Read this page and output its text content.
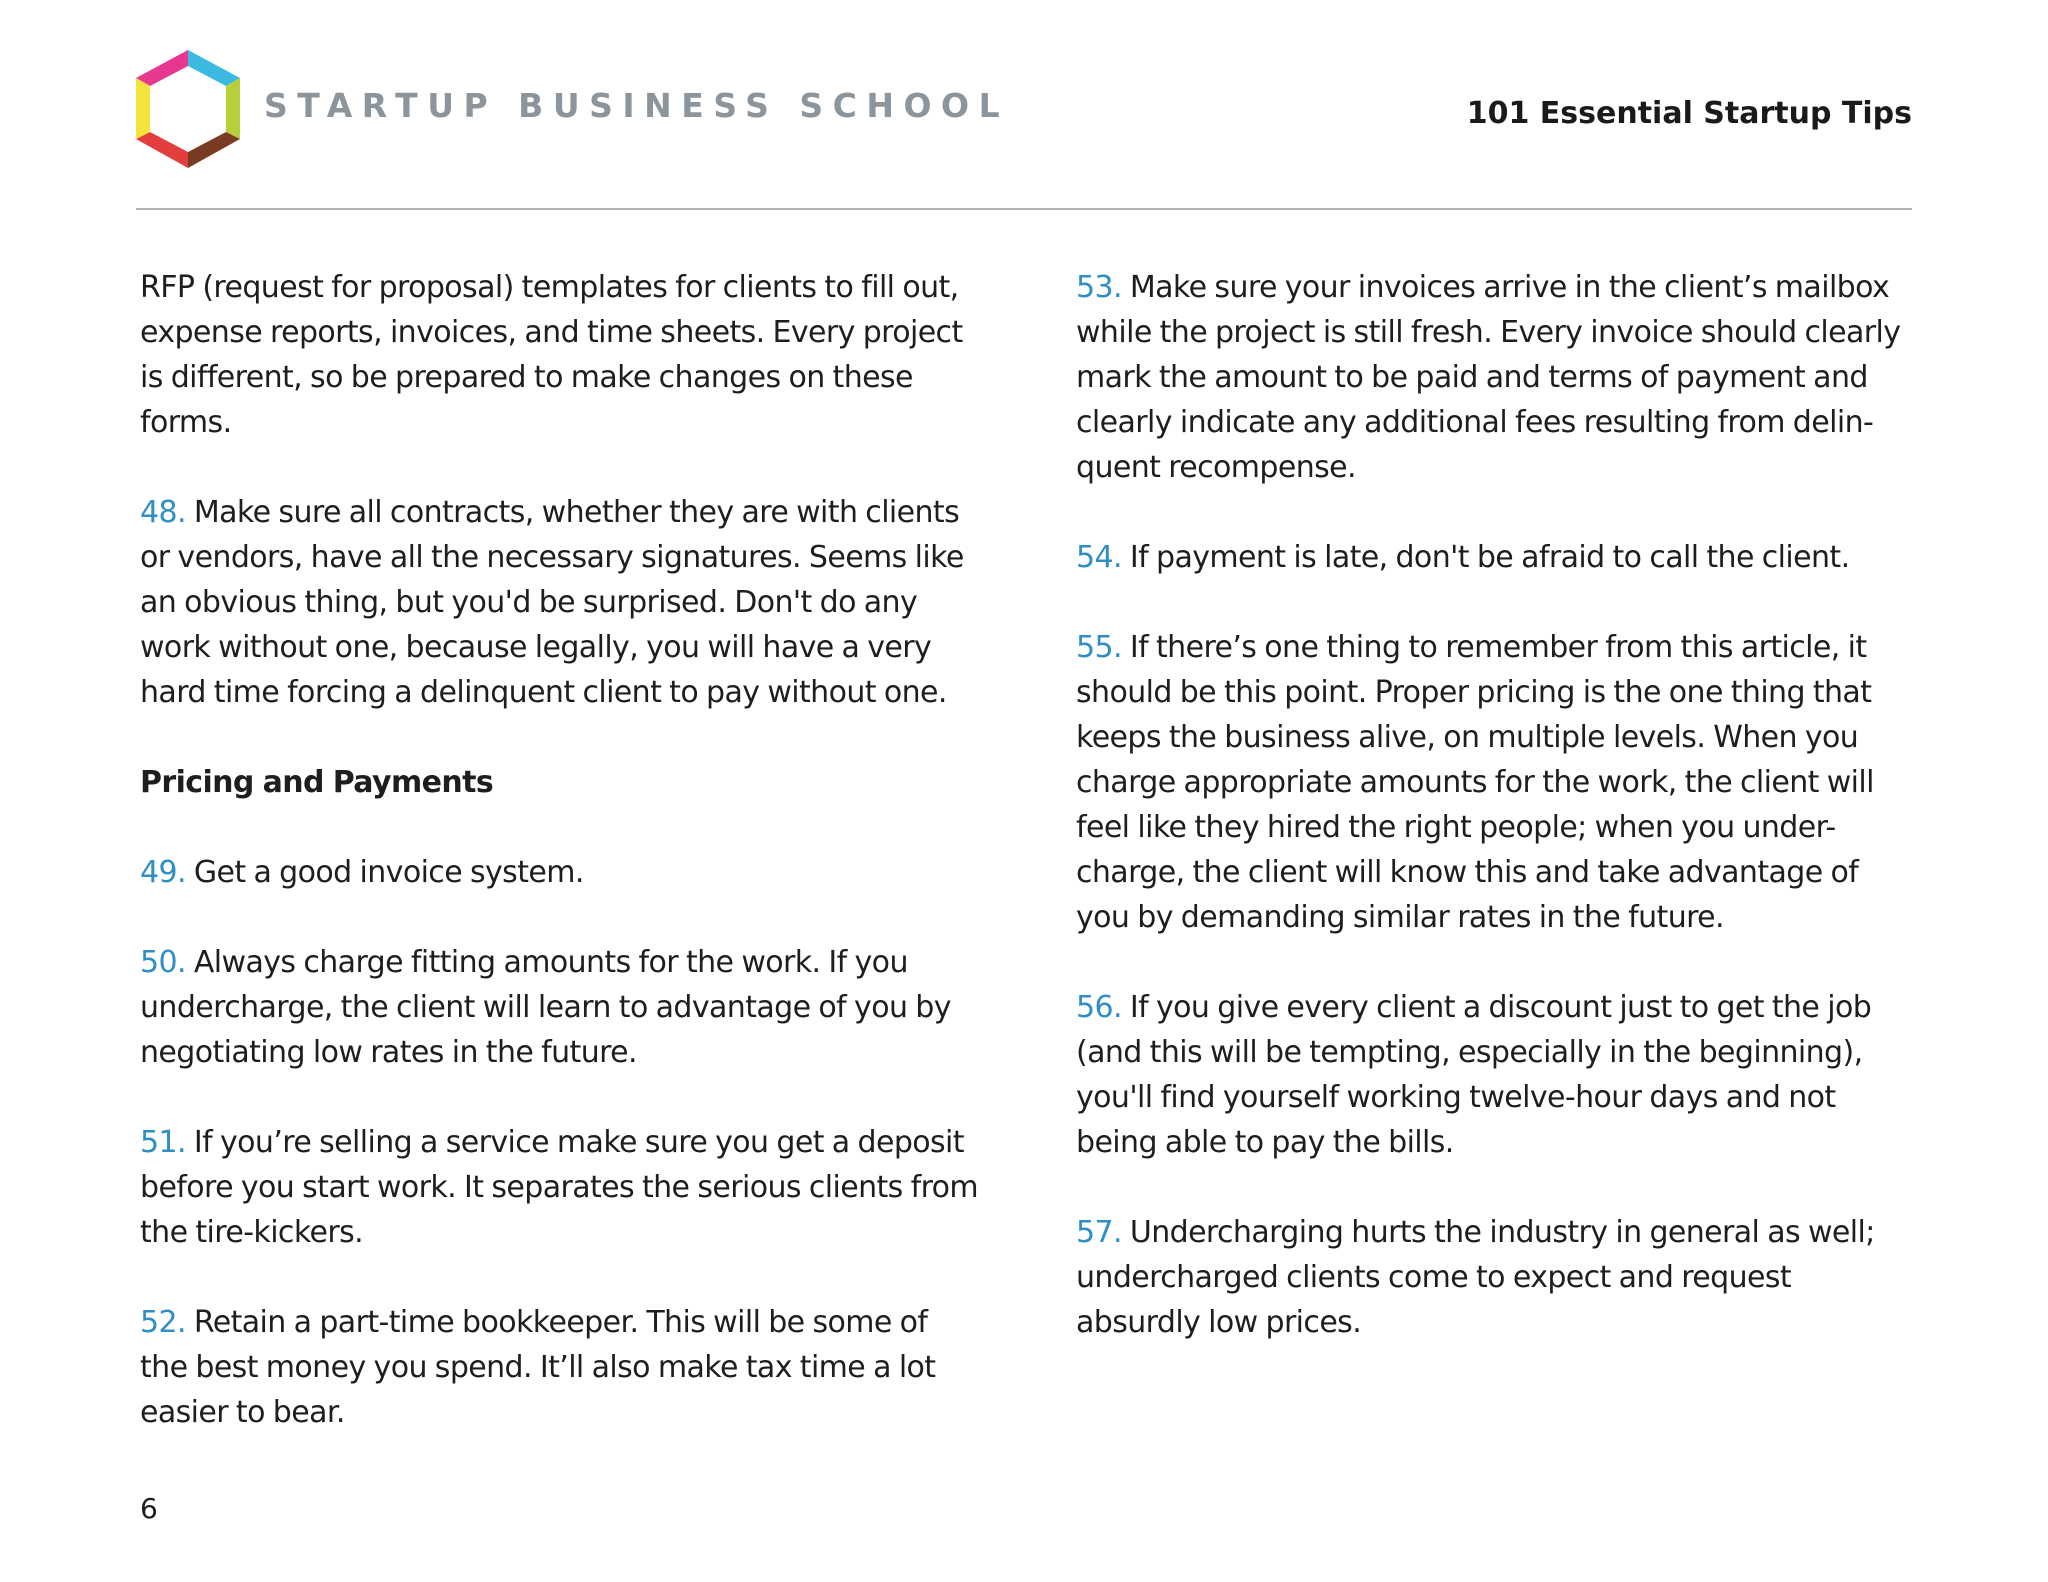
STARTUP BUSINESS SCHOOL	101 Essential Startup Tips

RFP (request for proposal) templates for clients to fill out, expense reports, invoices, and time sheets. Every project is different, so be prepared to make changes on these forms.

48. Make sure all contracts, whether they are with clients or vendors, have all the necessary signatures. Seems like an obvious thing, but you'd be surprised. Don't do any work without one, because legally, you will have a very hard time forcing a delinquent client to pay without one.

Pricing and Payments

49. Get a good invoice system.

50. Always charge fitting amounts for the work. If you undercharge, the client will learn to advantage of you by negotiating low rates in the future.

51. If you’re selling a service make sure you get a deposit before you start work. It separates the serious clients from the tire-kickers.

52. Retain a part-time bookkeeper. This will be some of the best money you spend. It’ll also make tax time a lot easier to bear.

53. Make sure your invoices arrive in the client’s mailbox while the project is still fresh. Every invoice should clearly mark the amount to be paid and terms of payment and clearly indicate any additional fees resulting from delin-quent recompense.

54. If payment is late, don't be afraid to call the client.

55. If there’s one thing to remember from this article, it should be this point. Proper pricing is the one thing that keeps the business alive, on multiple levels. When you charge appropriate amounts for the work, the client will feel like they hired the right people; when you under-charge, the client will know this and take advantage of you by demanding similar rates in the future.

56. If you give every client a discount just to get the job (and this will be tempting, especially in the beginning), you'll find yourself working twelve-hour days and not being able to pay the bills.

57. Undercharging hurts the industry in general as well; undercharged clients come to expect and request absurdly low prices.

6
